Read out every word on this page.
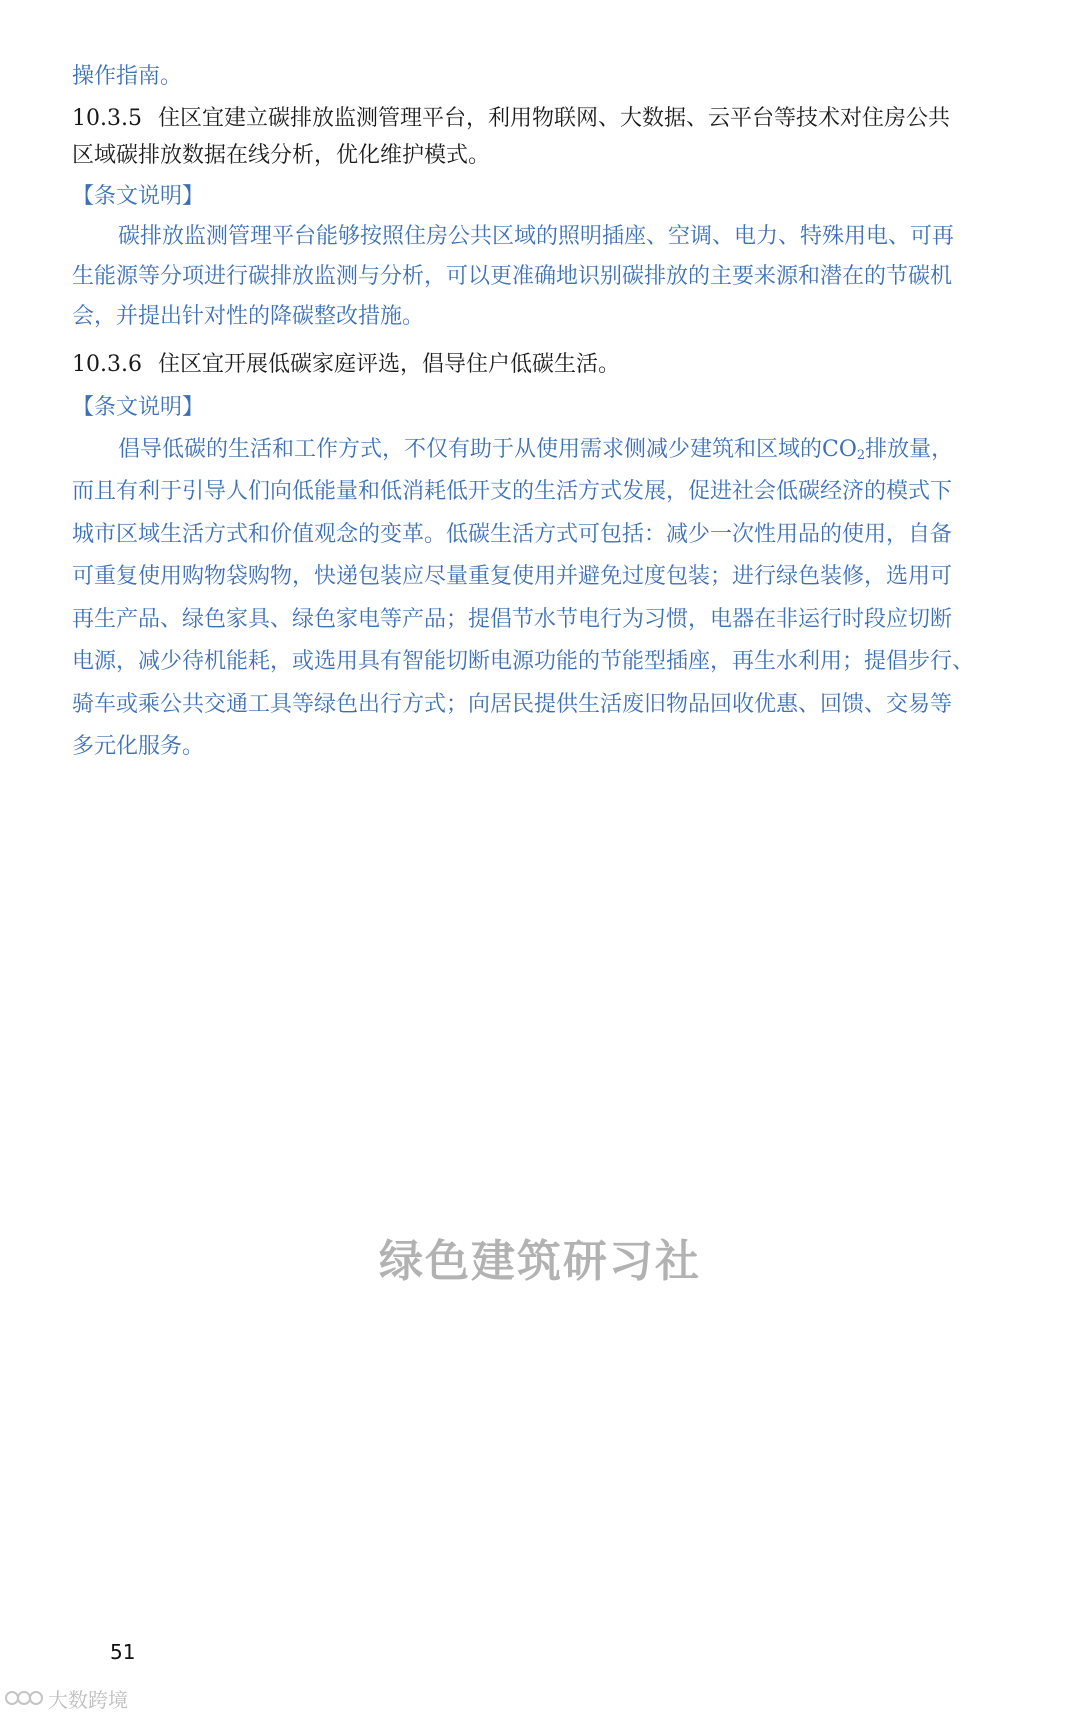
操作指南。
10.3.5 住区宜建立碳排放监测管理平台，利用物联网、大数据、云平台等技术对住房公共
区域碳排放数据在线分析，优化维护模式。
【条文说明】
碳排放监测管理平台能够按照住房公共区域的照明插座、空调、电力、特殊用电、可再
生能源等分项进行碳排放监测与分析，可以更准确地识别碳排放的主要来源和潜在的节碳机
会，并提出针对性的降碳整改措施。
10.3.6 住区宜开展低碳家庭评选，倡导住户低碳生活。
【条文说明】
倡导低碳的生活和工作方式，不仅有助于从使用需求侧减少建筑和区域的$CO_2$排放量，
而且有利于引导人们向低能量和低消耗低开支的生活方式发展，促进社会低碳经济的模式下
城市区域生活方式和价值观念的变革。低碳生活方式可包括：减少一次性用品的使用，自备
可重复使用购物袋购物，快递包装应尽量重复使用并避免过度包装；进行绿色装修，选用可
再生产品、绿色家具、绿色家电等产品；提倡节水节电行为习惯，电器在非运行时段应切断
电源，减少待机能耗，或选用具有智能切断电源功能的节能型插座，再生水利用；提倡步行、
骑车或乘公共交通工具等绿色出行方式；向居民提供生活废旧物品回收优惠、回馈、交易等
多元化服务。
绿色建筑研习社
51
大数跨境
